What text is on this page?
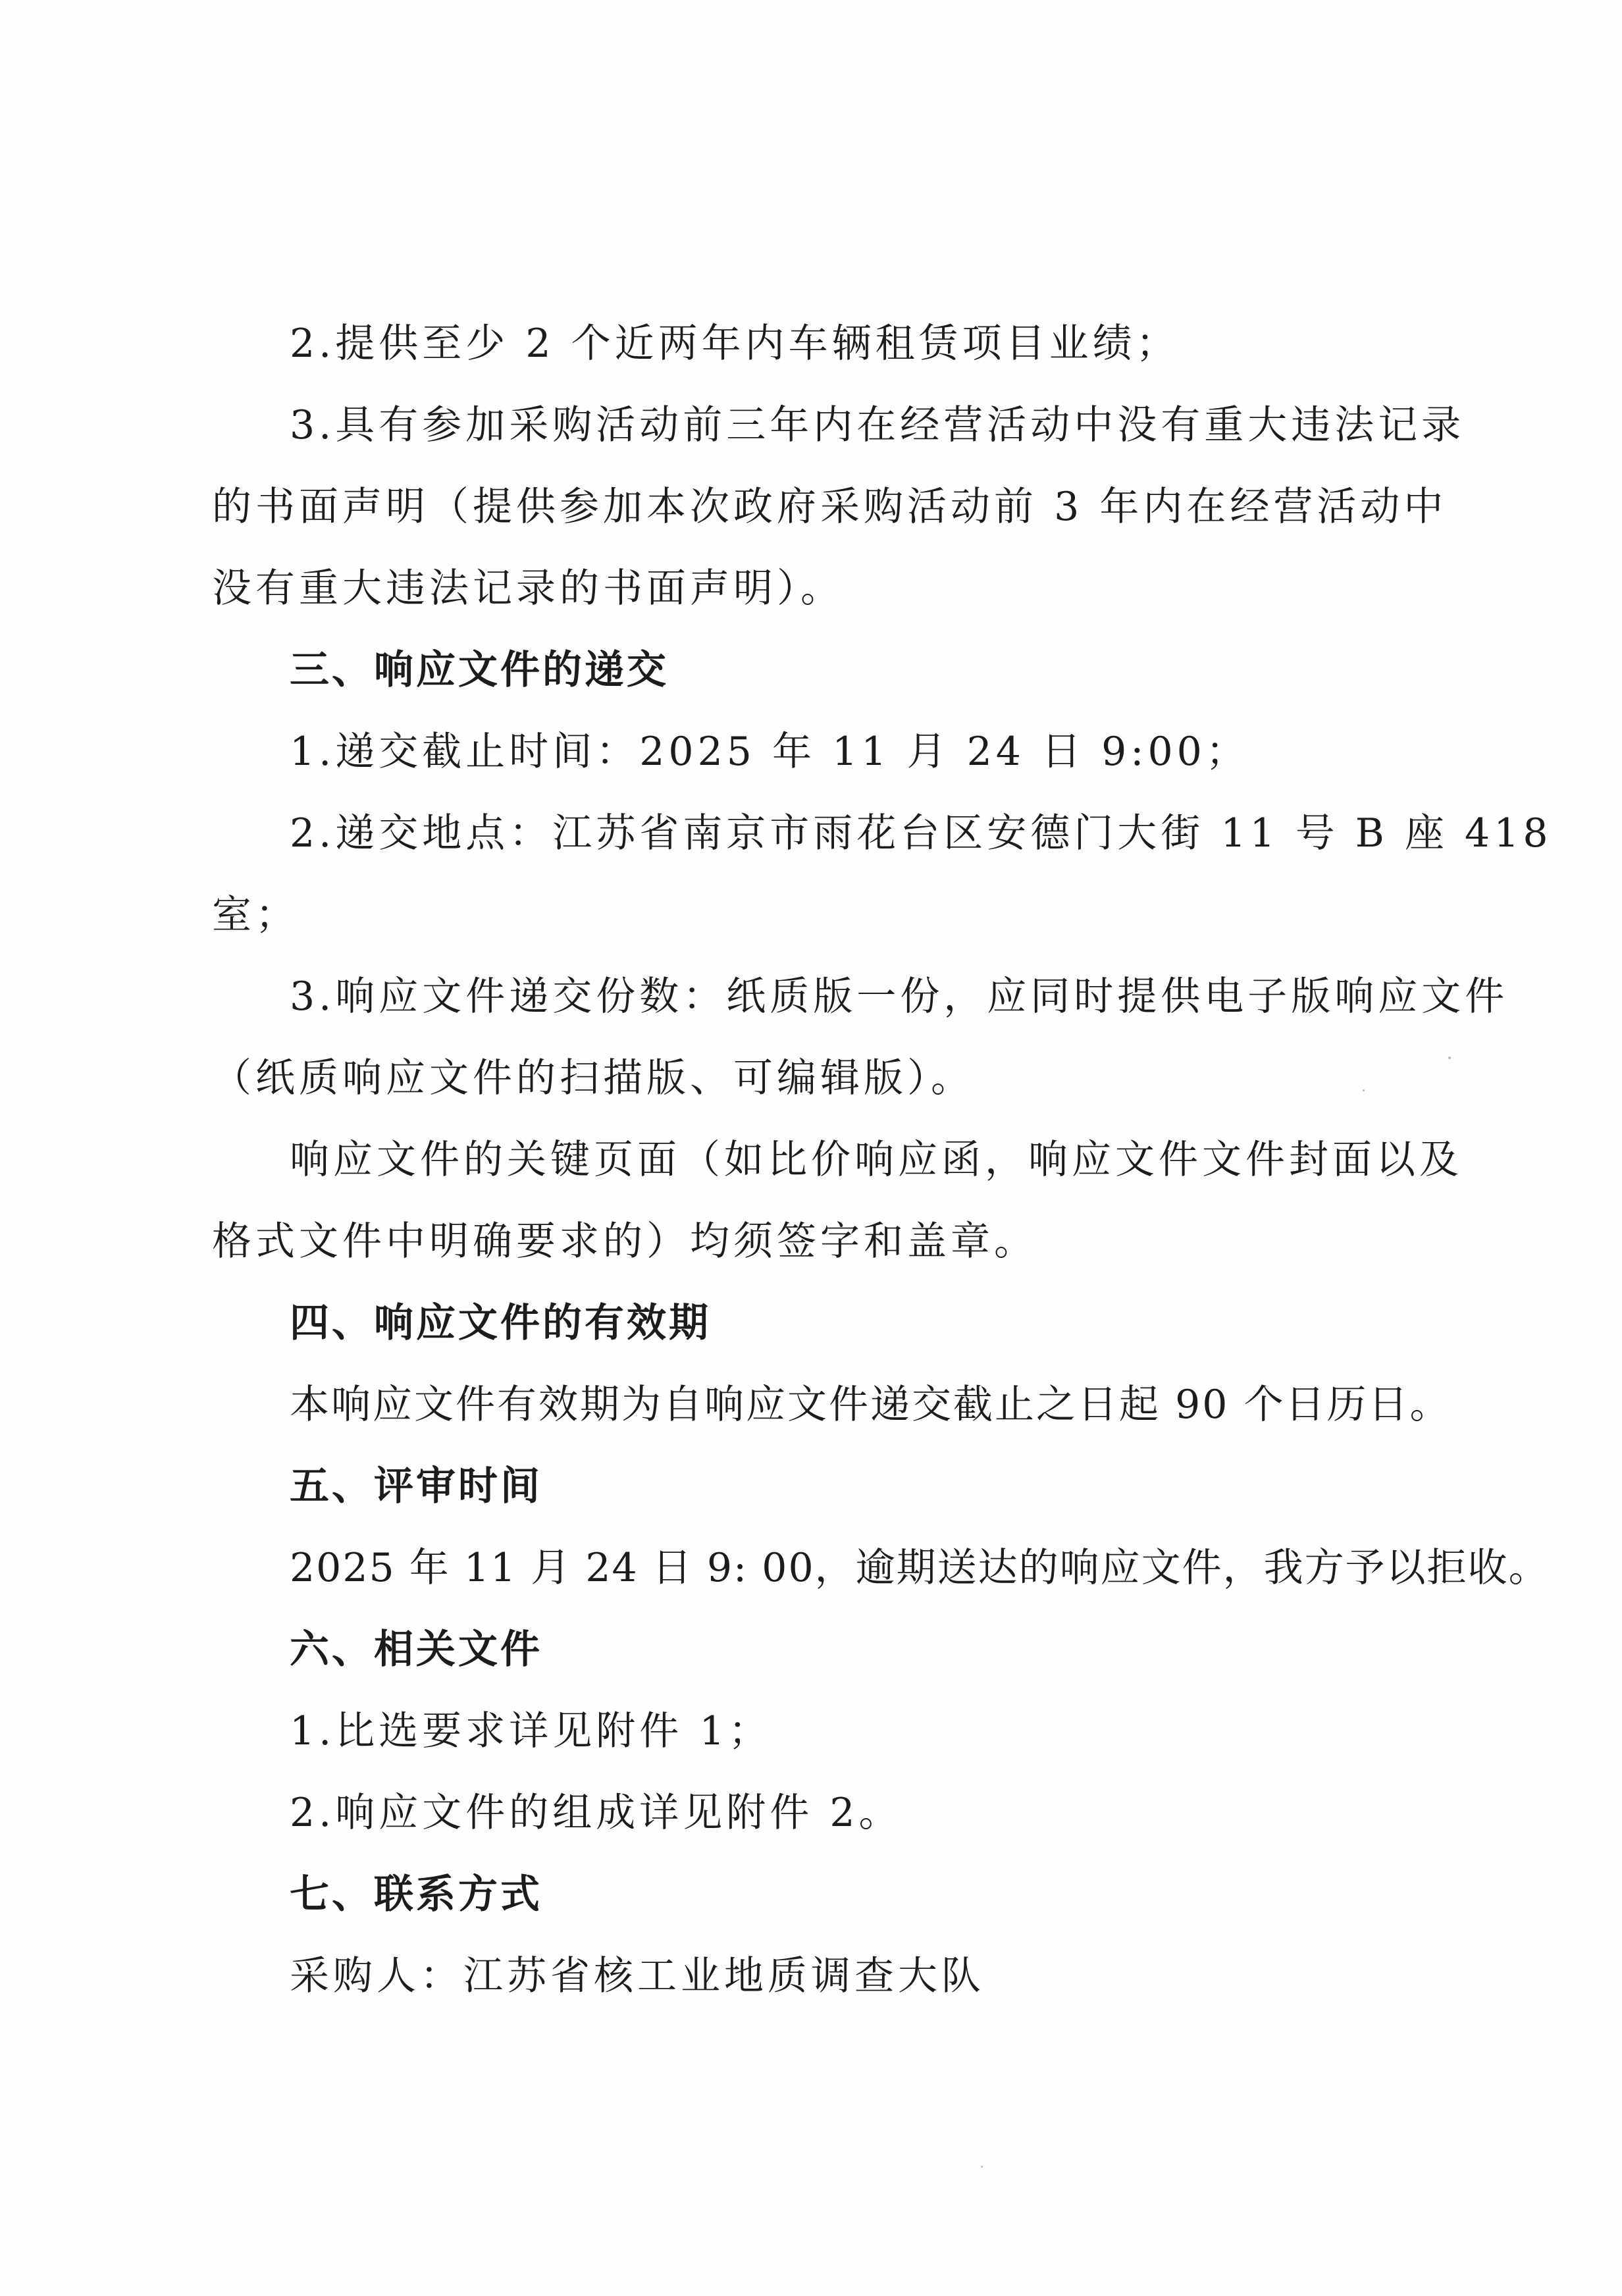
2.提供至少 2 个近两年内车辆租赁项目业绩；
3.具有参加采购活动前三年内在经营活动中没有重大违法记录
的书面声明（提供参加本次政府采购活动前 3 年内在经营活动中
没有重大违法记录的书面声明）。
三、响应文件的递交
1.递交截止时间：2025 年 11 月 24 日 9:00；
2.递交地点：江苏省南京市雨花台区安德门大街 11 号 B 座 418
室；
3.响应文件递交份数：纸质版一份，应同时提供电子版响应文件
（纸质响应文件的扫描版、可编辑版）。
响应文件的关键页面（如比价响应函，响应文件文件封面以及
格式文件中明确要求的）均须签字和盖章。
四、响应文件的有效期
本响应文件有效期为自响应文件递交截止之日起 90 个日历日。
五、评审时间
2025 年 11 月 24 日 9: 00，逾期送达的响应文件，我方予以拒收。
六、相关文件
1.比选要求详见附件 1；
2.响应文件的组成详见附件 2。
七、联系方式
采购人：江苏省核工业地质调查大队
